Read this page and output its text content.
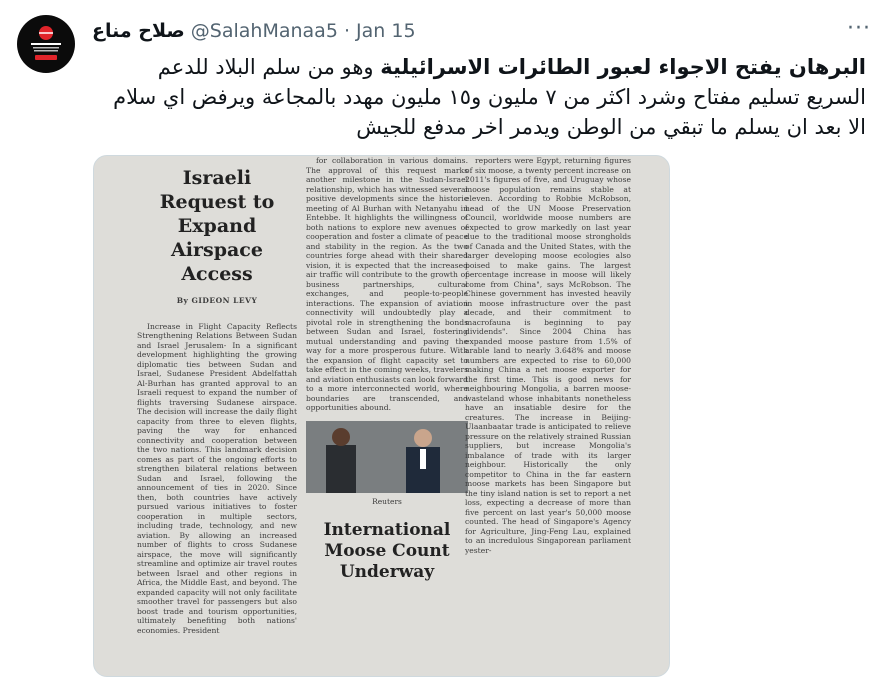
صلاح مناع @SalahManaa5 · Jan 15	···
البرهان يفتح الاجواء لعبور الطائرات الاسرائيلية وهو من سلم البلاد للدعم السريع تسليم مفتاح وشرد اكثر من ٧ مليون و١٥ مليون مهدد بالمجاعة ويرفض اي سلام الا بعد ان يسلم ما تبقي من الوطن ويدمر اخر مدفع للجيش
Israeli Request to Expand Airspace Access
By GIDEON LEVY

Increase in Flight Capacity Reflects Strengthening Relations Between Sudan and Israel Jerusalem- In a significant development highlighting the growing diplomatic ties between Sudan and Israel, Sudanese President Abdelfattah Al-Burhan has granted approval to an Israeli request to expand the number of flights traversing Sudanese airspace. The decision will increase the daily flight capacity from three to eleven flights, paving the way for enhanced connectivity and cooperation between the two nations. This landmark decision comes as part of the ongoing efforts to strengthen bilateral relations between Sudan and Israel, following the announcement of ties in 2020. Since then, both countries have actively pursued various initiatives to foster cooperation in multiple sectors, including trade, technology, and new aviation. By allowing an increased number of flights to cross Sudanese airspace, the move will significantly streamline and optimize air travel routes between Israel and other regions in Africa, the Middle East, and beyond. The expanded capacity will not only facilitate smoother travel for passengers but also boost trade and tourism opportunities, ultimately benefiting both nations' economies. President

for collaboration in various domains. The approval of this request marks another milestone in the Sudan-Israel relationship, which has witnessed several positive developments since the historic meeting of Al Burhan with Netanyahu in Entebbe. It highlights the willingness of both nations to explore new avenues of cooperation and foster a climate of peace and stability in the region. As the two countries forge ahead with their shared vision, it is expected that the increased air traffic will contribute to the growth of business partnerships, cultural exchanges, and people-to-people interactions. The expansion of aviation connectivity will undoubtedly play a pivotal role in strengthening the bonds between Sudan and Israel, fostering mutual understanding and paving the way for a more prosperous future. With the expansion of flight capacity set to take effect in the coming weeks, travelers and aviation enthusiasts can look forward to a more interconnected world, where boundaries are transcended, and opportunities abound.

Reuters
International Moose Count Underway

reporters were Egypt, returning figures of six moose, a twenty percent increase on 2011's figures of five, and Uruguay whose moose population remains stable at eleven. According to Robbie McRobson, head of the UN Moose Preservation Council, worldwide moose numbers are expected to grow markedly on last year due to the traditional moose strongholds of Canada and the United States, with the larger developing moose ecologies also poised to make gains. The largest percentage increase in moose will likely come from China", says McRobson. The Chinese government has invested heavily in moose infrastructure over the past decade, and their commitment to macrofauna is beginning to pay dividends". Since 2004 China has expanded moose pasture from 1.5% of arable land to nearly 3.648% and moose numbers are expected to rise to 60,000 making China a net moose exporter for the first time. This is good news for neighbouring Mongolia, a barren moose-wasteland whose inhabitants nonetheless have an insatiable desire for the creatures. The increase in Beijing-Ulaanbaatar trade is anticipated to relieve pressure on the relatively strained Russian suppliers, but increase Mongolia's imbalance of trade with its larger neighbour. Historically the only competitor to China in the far eastern moose markets has been Singapore but the tiny island nation is set to report a net loss, expecting a decrease of more than five percent on last year's 50,000 moose counted. The head of Singapore's Agency for Agriculture, Jing-Feng Lau, explained to an incredulous Singaporean parliament yester-
